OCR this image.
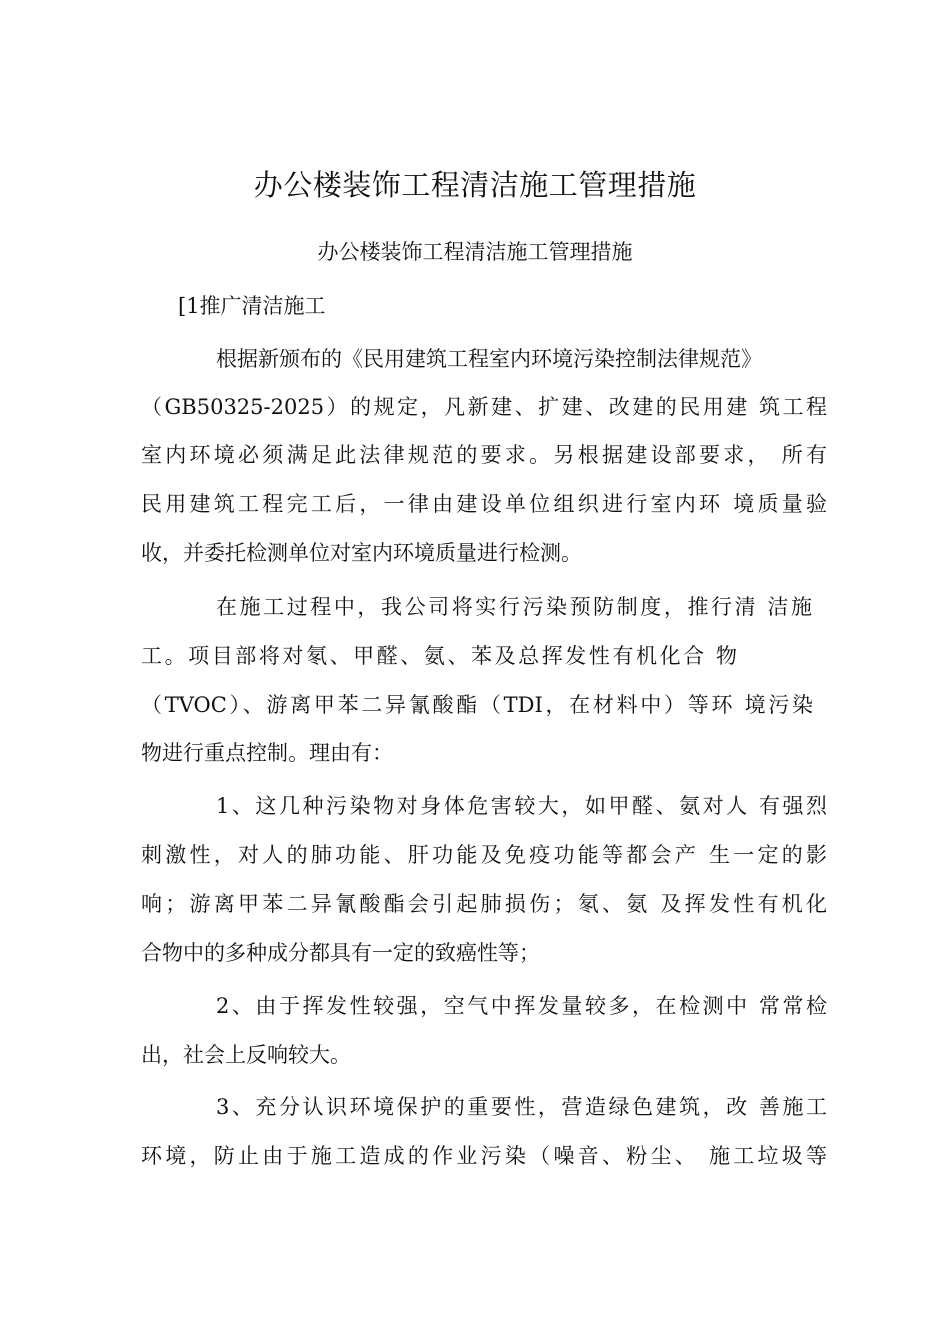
办公楼装饰工程清洁施工管理措施

办公楼装饰工程清洁施工管理措施

[1推广清洁施工

根据新颁布的《民用建筑工程室内环境污染控制法律规范》

（GB50325-2025）的规定，凡新建、扩建、改建的民用建 筑工程

室内环境必须满足此法律规范的要求。另根据建设部要求， 所有

民用建筑工程完工后，一律由建设单位组织进行室内环 境质量验

收，并委托检测单位对室内环境质量进行检测。

在施工过程中，我公司将实行污染预防制度，推行清 洁施

工。项目部将对氡、甲醛、氨、苯及总挥发性有机化合 物

（TVOC）、游离甲苯二异氰酸酯（TDI，在材料中）等环 境污染

物进行重点控制。理由有：

1、这几种污染物对身体危害较大，如甲醛、氨对人 有强烈

刺激性，对人的肺功能、肝功能及免疫功能等都会产 生一定的影

响；游离甲苯二异氰酸酯会引起肺损伤；氡、氨 及挥发性有机化

合物中的多种成分都具有一定的致癌性等；

2、由于挥发性较强，空气中挥发量较多，在检测中 常常检

出，社会上反响较大。

3、充分认识环境保护的重要性，营造绿色建筑，改 善施工

环境，防止由于施工造成的作业污染（噪音、粉尘、 施工垃圾等
